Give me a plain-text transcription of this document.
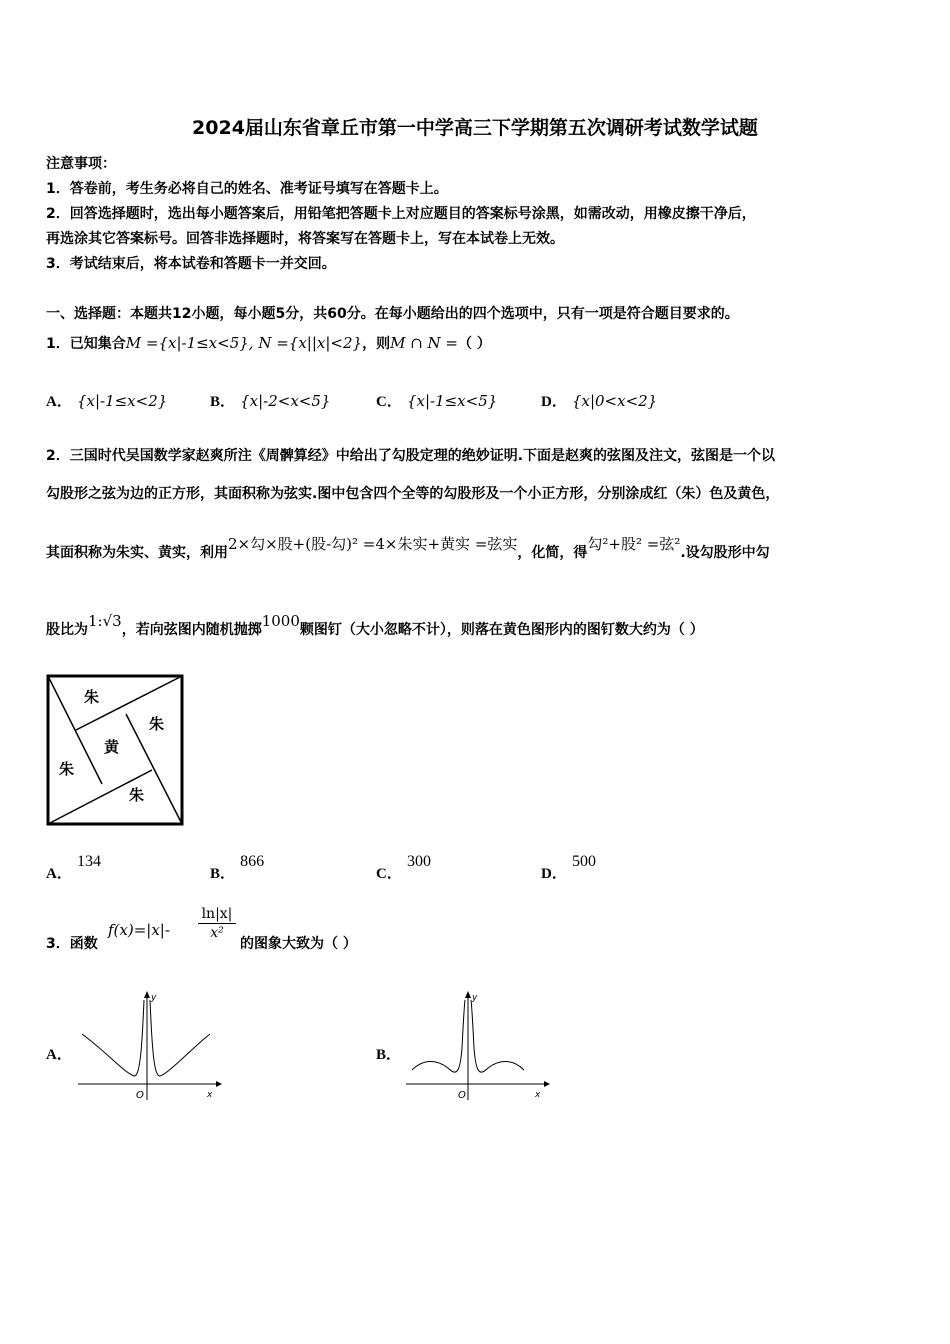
2024届山东省章丘市第一中学高三下学期第五次调研考试数学试题
注意事项：
1．答卷前，考生务必将自己的姓名、准考证号填写在答题卡上。
2．回答选择题时，选出每小题答案后，用铅笔把答题卡上对应题目的答案标号涂黑，如需改动，用橡皮擦干净后，
再选涂其它答案标号。回答非选择题时，将答案写在答题卡上，写在本试卷上无效。
3．考试结束后，将本试卷和答题卡一并交回。
一、选择题：本题共12小题，每小题5分，共60分。在每小题给出的四个选项中，只有一项是符合题目要求的。
1．已知集合M ={x|-1≤x<5}, N ={x||x|<2}，则M ∩ N =（ ）
A． {x|-1≤x<2}	B． {x|-2<x<5}	C． {x|-1≤x<5}	D． {x|0<x<2}
2．三国时代吴国数学家赵爽所注《周髀算经》中给出了勾股定理的绝妙证明.下面是赵爽的弦图及注文，弦图是一个以
勾股形之弦为边的正方形，其面积称为弦实.图中包含四个全等的勾股形及一个小正方形，分别涂成红（朱）色及黄色，
其面积称为朱实、黄实，利用2×勾×股+(股-勾)² =4×朱实+黄实 =弦实，化简，得勾²+股² =弦².设勾股形中勾
股比为1:√3，若向弦图内随机抛掷1000颗图钉（大小忽略不计），则落在黄色图形内的图钉数大约为（ ）
朱
朱
黄
朱
朱
A． 134
B． 866
C． 300
D． 500
3．函数
f(x)=|x|-
ln|x|
x²
的图象大致为（ ）
A．
y
x
O
B．
y
x
O
